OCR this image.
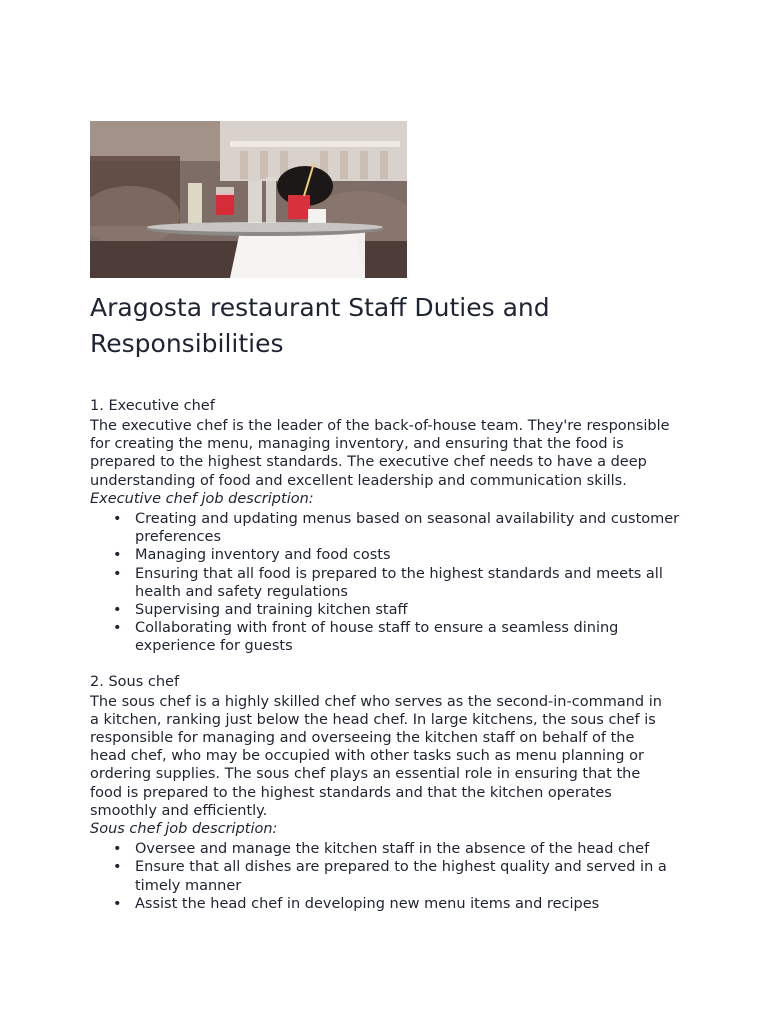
Aragosta restaurant Staff Duties and Responsibilities
1. Executive chef

The executive chef is the leader of the back-of-house team. They're responsible for creating the menu, managing inventory, and ensuring that the food is prepared to the highest standards. The executive chef needs to have a deep understanding of food and excellent leadership and communication skills.

Executive chef job description:
• Creating and updating menus based on seasonal availability and customer preferences
• Managing inventory and food costs
• Ensuring that all food is prepared to the highest standards and meets all health and safety regulations
• Supervising and training kitchen staff
• Collaborating with front of house staff to ensure a seamless dining experience for guests
2. Sous chef

The sous chef is a highly skilled chef who serves as the second-in-command in a kitchen, ranking just below the head chef. In large kitchens, the sous chef is responsible for managing and overseeing the kitchen staff on behalf of the head chef, who may be occupied with other tasks such as menu planning or ordering supplies. The sous chef plays an essential role in ensuring that the food is prepared to the highest standards and that the kitchen operates smoothly and efficiently.

Sous chef job description:
• Oversee and manage the kitchen staff in the absence of the head chef
• Ensure that all dishes are prepared to the highest quality and served in a timely manner
• Assist the head chef in developing new menu items and recipes
